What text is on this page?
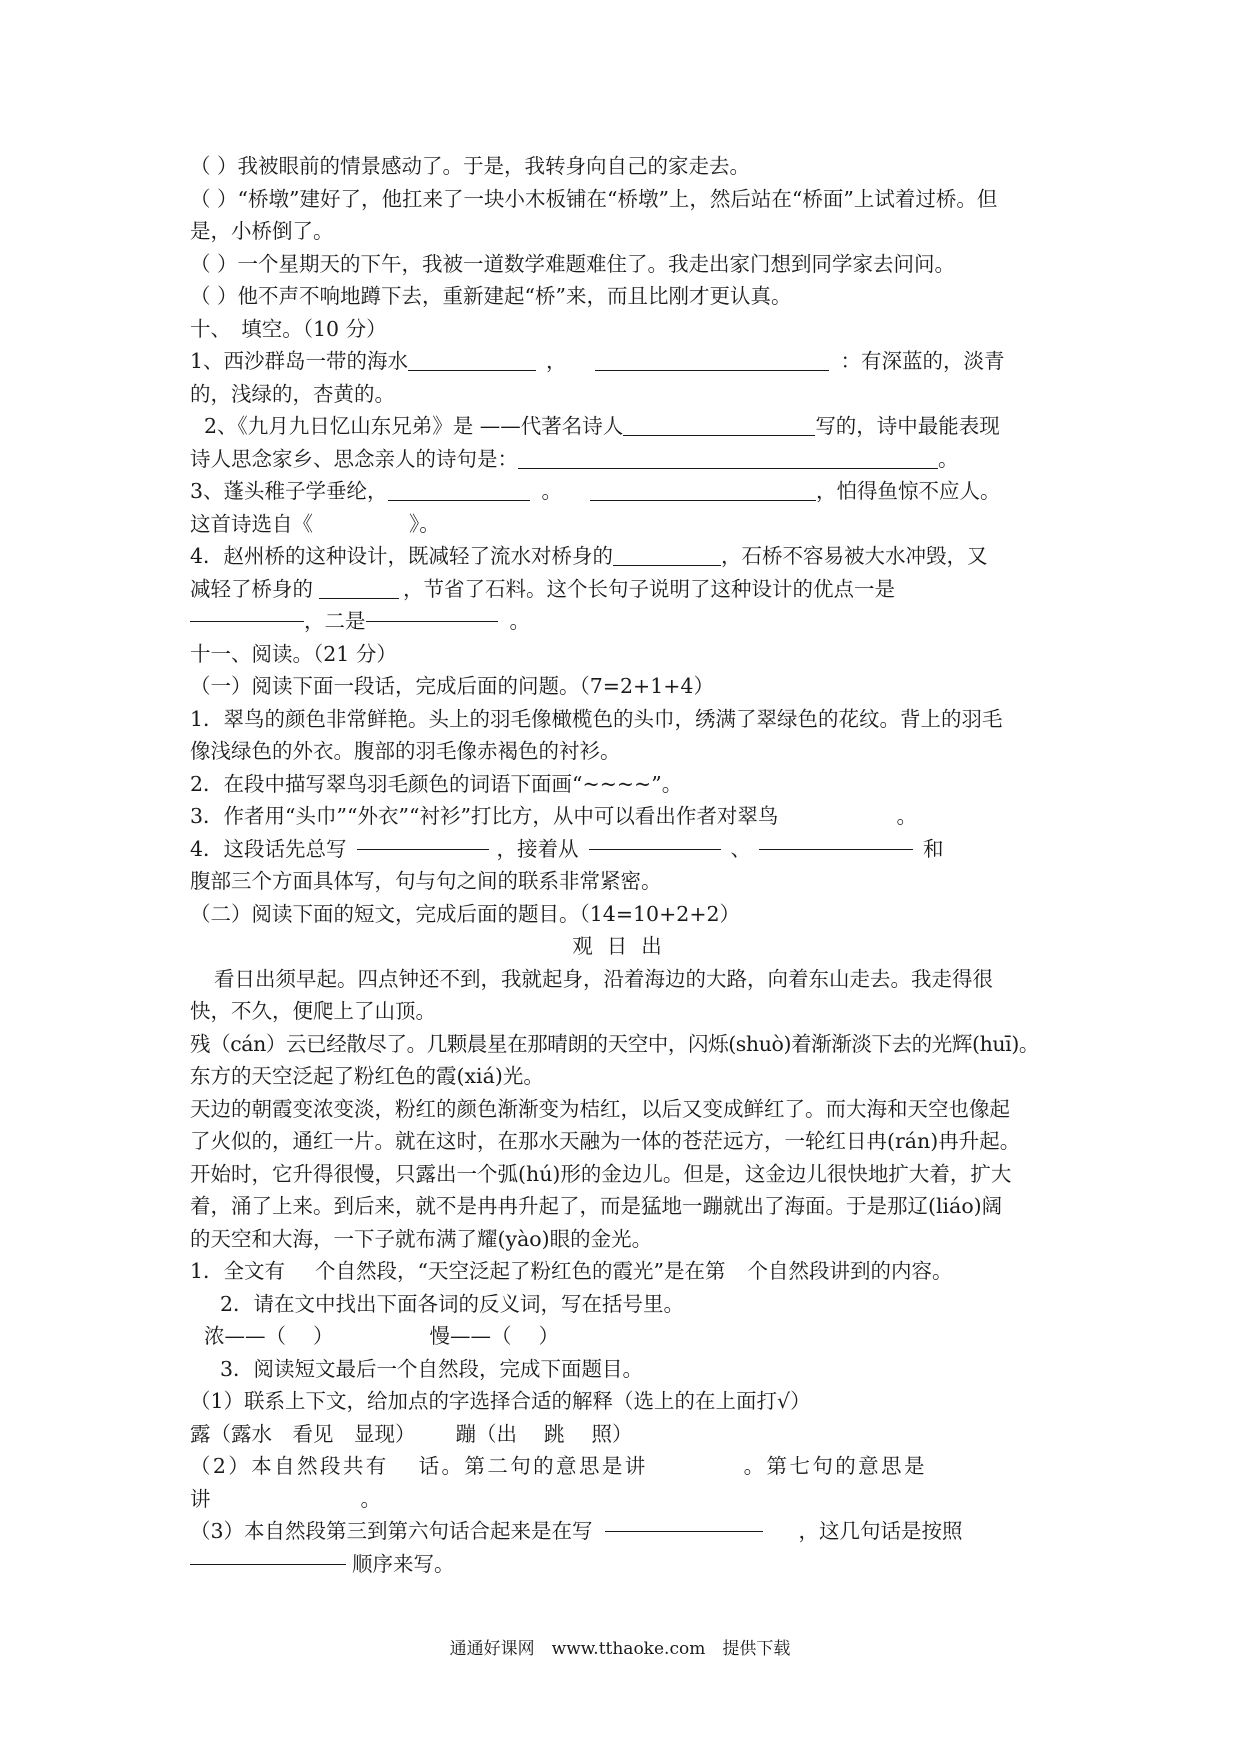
（ ）我被眼前的情景感动了。于是，我转身向自己的家走去。
（ ）“桥墩”建好了，他扛来了一块小木板铺在“桥墩”上，然后站在“桥面”上试着过桥。但
是，小桥倒了。
（ ）一个星期天的下午，我被一道数学难题难住了。我走出家门想到同学家去问问。
（ ）他不声不响地蹲下去，重新建起“桥”来，而且比刚才更认真。
十、　填空。（10 分）
1、西沙群岛一带的海水	，	：有深蓝的，淡青
的，浅绿的，杏黄的。
2、《九月九日忆山东兄弟》是 ——代著名诗人	写的，诗中最能表现
诗人思念家乡、思念亲人的诗句是：	。
3、蓬头稚子学垂纶，	。	，怕得鱼惊不应人。
这首诗选自《	》。
4．赵州桥的这种设计，既减轻了流水对桥身的	，石桥不容易被大水冲毁，又
减轻了桥身的	，节省了石料。这个长句子说明了这种设计的优点一是
，二是	。
十一、阅读。（21 分）
（一）阅读下面一段话，完成后面的问题。（7=2+1+4）
1．翠鸟的颜色非常鲜艳。头上的羽毛像橄榄色的头巾，绣满了翠绿色的花纹。背上的羽毛
像浅绿色的外衣。腹部的羽毛像赤褐色的衬衫。
2．在段中描写翠鸟羽毛颜色的词语下面画“~~~~”。
3．作者用“头巾”“外衣”“衬衫”打比方，从中可以看出作者对翠鸟	。
4．这段话先总写	，接着从	、	和
腹部三个方面具体写，句与句之间的联系非常紧密。
（二）阅读下面的短文，完成后面的题目。（14=10+2+2）
观日出
看日出须早起。四点钟还不到，我就起身，沿着海边的大路，向着东山走去。我走得很
快，不久，便爬上了山顶。
残（cán）云已经散尽了。几颗晨星在那晴朗的天空中，闪烁(shuò)着渐渐淡下去的光辉(huī)。
东方的天空泛起了粉红色的霞(xiá)光。
天边的朝霞变浓变淡，粉红的颜色渐渐变为桔红，以后又变成鲜红了。而大海和天空也像起
了火似的，通红一片。就在这时，在那水天融为一体的苍茫远方，一轮红日冉(rán)冉升起。
开始时，它升得很慢，只露出一个弧(hú)形的金边儿。但是，这金边儿很快地扩大着，扩大
着，涌了上来。到后来，就不是冉冉升起了，而是猛地一蹦就出了海面。于是那辽(liáo)阔
的天空和大海，一下子就布满了耀(yào)眼的金光。
1．全文有 个自然段，“天空泛起了粉红色的霞光”是在第 个自然段讲到的内容。
2．请在文中找出下面各词的反义词，写在括号里。
浓——（　 ）	慢——（　 ）
3．阅读短文最后一个自然段，完成下面题目。
（1）联系上下文，给加点的字选择合适的解释（选上的在上面打√）
露（露水　看见　显现） 蹦（出　 跳　 照）
（2）本自然段共有 话。第二句的意思是讲	。第七句的意思是
讲	。
（3）本自然段第三到第六句话合起来是在写	，这几句话是按照
顺序来写。
通通好课网　www.tthaoke.com　提供下载
